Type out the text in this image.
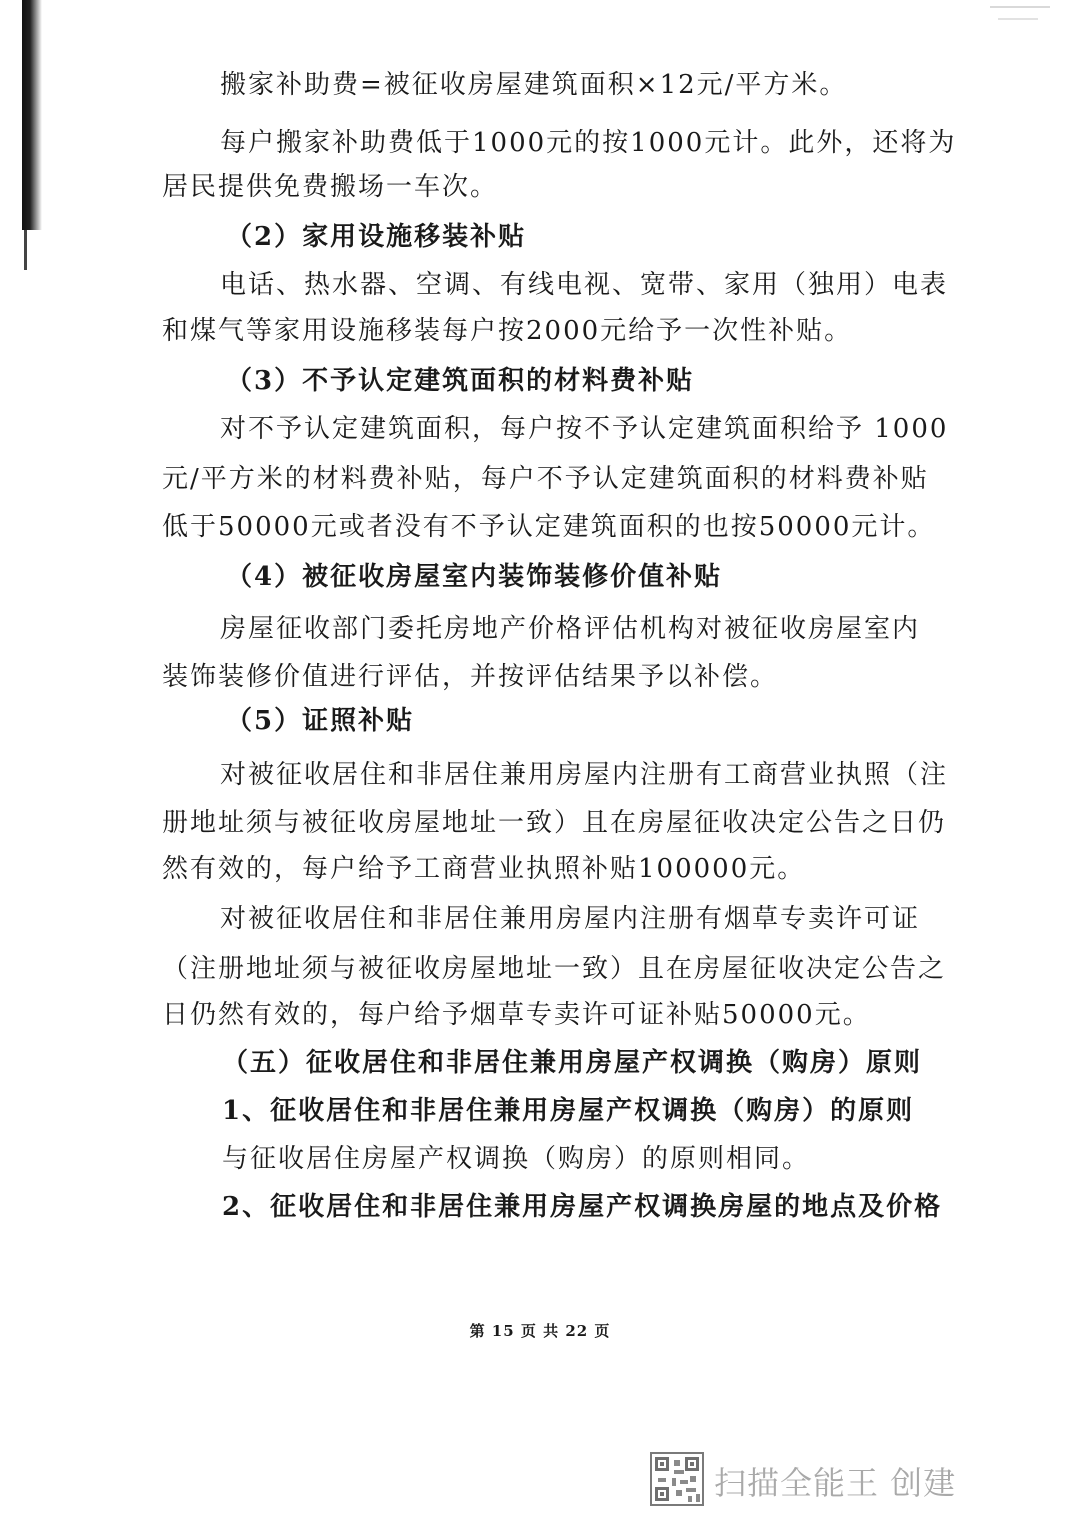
搬家补助费=被征收房屋建筑面积×12元/平方米。
每户搬家补助费低于1000元的按1000元计。此外，还将为
居民提供免费搬场一车次。
（2）家用设施移装补贴
电话、热水器、空调、有线电视、宽带、家用（独用）电表
和煤气等家用设施移装每户按2000元给予一次性补贴。
（3）不予认定建筑面积的材料费补贴
对不予认定建筑面积，每户按不予认定建筑面积给予 1000
元/平方米的材料费补贴，每户不予认定建筑面积的材料费补贴
低于50000元或者没有不予认定建筑面积的也按50000元计。
（4）被征收房屋室内装饰装修价值补贴
房屋征收部门委托房地产价格评估机构对被征收房屋室内
装饰装修价值进行评估，并按评估结果予以补偿。
（5）证照补贴
对被征收居住和非居住兼用房屋内注册有工商营业执照（注
册地址须与被征收房屋地址一致）且在房屋征收决定公告之日仍
然有效的，每户给予工商营业执照补贴100000元。
对被征收居住和非居住兼用房屋内注册有烟草专卖许可证
（注册地址须与被征收房屋地址一致）且在房屋征收决定公告之
日仍然有效的，每户给予烟草专卖许可证补贴50000元。
（五）征收居住和非居住兼用房屋产权调换（购房）原则
1、征收居住和非居住兼用房屋产权调换（购房）的原则
与征收居住房屋产权调换（购房）的原则相同。
2、征收居住和非居住兼用房屋产权调换房屋的地点及价格
第 15 页 共 22 页
扫描全能王 创建
